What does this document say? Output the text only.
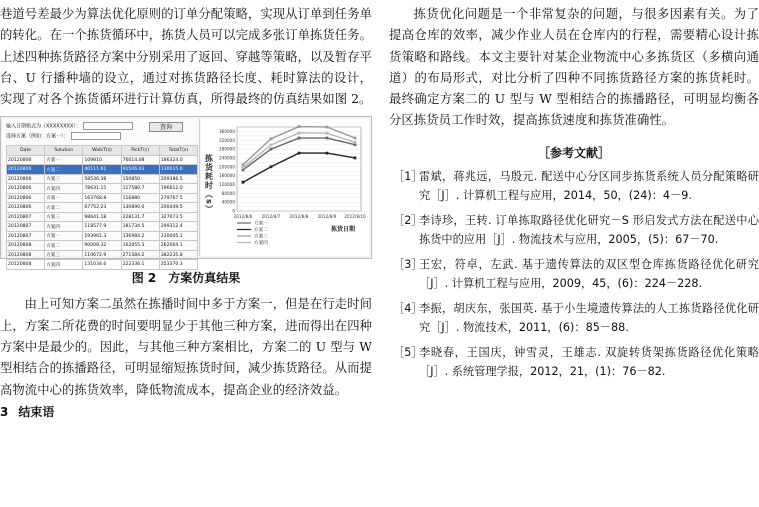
巷道号差最少为算法优化原则的订单分配策略，实现从订单到任务单的转化。在一个拣货循环中，拣货人员可以完成多张订单拣货任务。上述四种拣货路径方案中分别采用了返回、穿越等策略，以及暂存平台、U 行播种墙的设立，通过对拣货路径长度、耗时算法的设计，实现了对各个拣货循环进行计算仿真，所得最终的仿真结果如图 2。

输入日期格式为（XXXXXXXX）：
选择方案（例如：方案一）：
查询
Date	Solution	WalkT(s)	PickT(s)	TotalT(s)
20120806	方案一	109810	76614.08	186324.0
20120806	方案二	40111.61	91506.03	130615.6
20120806	方案三	58536.38	150850	209386.5
20120806	方案四	78631.15	117580.7	196612.0
20120806	方案一	163768.8	116880	279767.5
20120806	方案二	67752.23	130890.0	200449.5
20120807	方案三	98641.18	228131.7	327073.5
20120807	方案四	118577.9	181734.5	299312.4
20120807	方案一	193961.3	136984.2	330005.1
20120808	方案二	90008.32	162055.3	262064.1
20120808	方案三	110672.9	271584.2	382235.8
20120808	方案四	131034.6	222336.1	353370.3
0
40000
80000
120000
160000
200000
240000
280000
320000
360000
2012/8/6 2012/8/7 2012/8/8 2012/8/9 2012/8/10
拣货耗时（s）
拣货日期
方案一
方案二
方案三
方案四
图 2　方案仿真结果

由上可知方案二虽然在拣播时间中多于方案一，但是在行走时间上，方案二所花费的时间要明显少于其他三种方案，进而得出在四种方案中是最少的。因此，与其他三种方案相比，方案二的 U 型与 W 型相结合的拣播路径，可明显缩短拣货时间，减少拣货路径。从而提高物流中心的拣货效率，降低物流成本，提高企业的经济效益。

3 结束语

拣货优化问题是一个非常复杂的问题，与很多因素有关。为了提高仓库的效率，减少作业人员在仓库内的行程，需要精心设计拣货策略和路线。本文主要针对某企业物流中心多拣货区（多横向通道）的布局形式，对比分析了四种不同拣货路径方案的拣货耗时。最终确定方案二的 U 型与 W 型相结合的拣播路径，可明显均衡各分区拣货员工作时效，提高拣货速度和拣货准确性。

［参考文献］
［1］
雷斌，蒋兆远，马殷元. 配送中心分区同步拣货系统人员分配策略研究［J］. 计算机工程与应用，2014，50，(24)：4－9.
［2］
李诗珍，王转. 订单拣取路径优化研究－S 形启发式方法在配送中心拣货中的应用［J］. 物流技术与应用，2005，(5)：67－70.
［3］
王宏，符卓，左武. 基于遗传算法的双区型仓库拣货路径优化研究［J］. 计算机工程与应用，2009，45，(6)：224－228.
［4］
李振，胡庆东，张国英. 基于小生境遗传算法的人工拣货路径优化研究［J］. 物流技术，2011，(6)：85－88.
［5］
李晓春，王国庆，钟雪灵，王雄志. 双旋转货架拣货路径优化策略［J］. 系统管理学报，2012，21，(1)：76－82.
